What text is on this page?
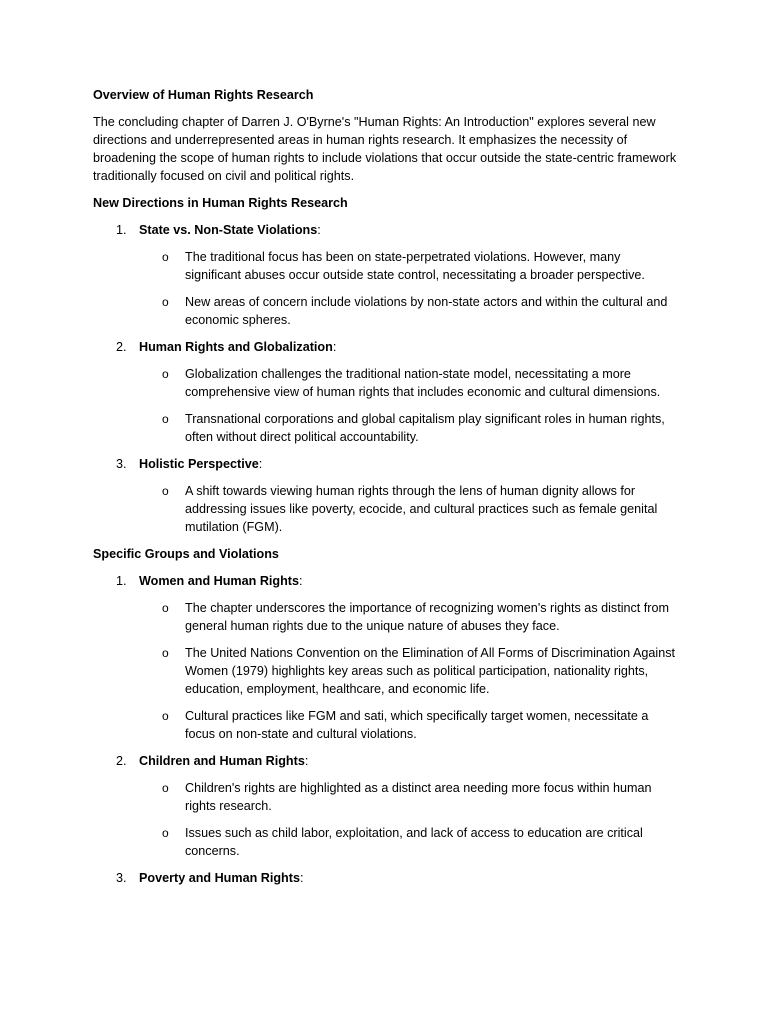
Overview of Human Rights Research
The concluding chapter of Darren J. O'Byrne's "Human Rights: An Introduction" explores several new directions and underrepresented areas in human rights research. It emphasizes the necessity of broadening the scope of human rights to include violations that occur outside the state-centric framework traditionally focused on civil and political rights.
New Directions in Human Rights Research
1. State vs. Non-State Violations:
o The traditional focus has been on state-perpetrated violations. However, many significant abuses occur outside state control, necessitating a broader perspective.
o New areas of concern include violations by non-state actors and within the cultural and economic spheres.
2. Human Rights and Globalization:
o Globalization challenges the traditional nation-state model, necessitating a more comprehensive view of human rights that includes economic and cultural dimensions.
o Transnational corporations and global capitalism play significant roles in human rights, often without direct political accountability.
3. Holistic Perspective:
o A shift towards viewing human rights through the lens of human dignity allows for addressing issues like poverty, ecocide, and cultural practices such as female genital mutilation (FGM).
Specific Groups and Violations
1. Women and Human Rights:
o The chapter underscores the importance of recognizing women's rights as distinct from general human rights due to the unique nature of abuses they face.
o The United Nations Convention on the Elimination of All Forms of Discrimination Against Women (1979) highlights key areas such as political participation, nationality rights, education, employment, healthcare, and economic life.
o Cultural practices like FGM and sati, which specifically target women, necessitate a focus on non-state and cultural violations.
2. Children and Human Rights:
o Children's rights are highlighted as a distinct area needing more focus within human rights research.
o Issues such as child labor, exploitation, and lack of access to education are critical concerns.
3. Poverty and Human Rights:
